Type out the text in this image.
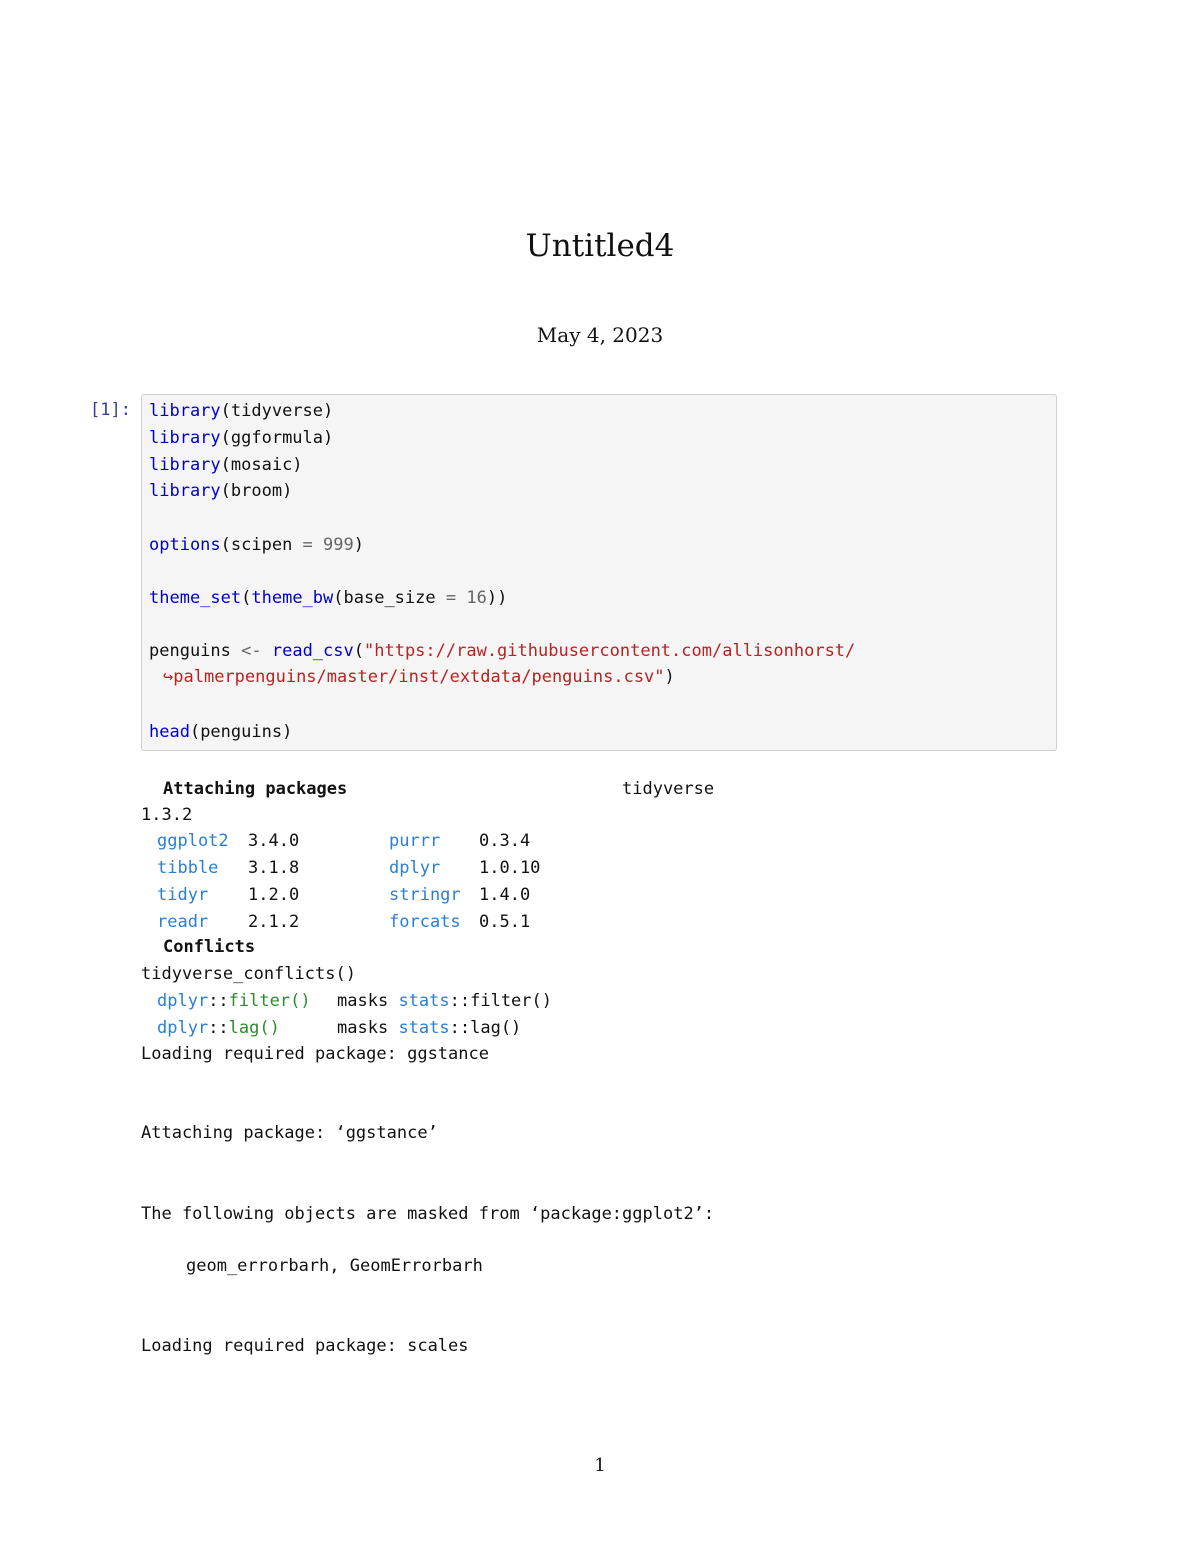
Untitled4
May 4, 2023
[1]: library(tidyverse)
library(ggformula)
library(mosaic)
library(broom)
options(scipen = 999)
theme_set(theme_bw(base_size = 16))
penguins <- read_csv("https://raw.githubusercontent.com/allisonhorst/
↪palmerpenguins/master/inst/extdata/penguins.csv")
head(penguins)
Attaching packages	tidyverse
1.3.2
ggplot2 3.4.0
tibble 3.1.8
tidyr 1.2.0
readr 2.1.2
purrr 0.3.4
dplyr 1.0.10
stringr 1.4.0
forcats 0.5.1
Conflicts
tidyverse_conflicts()
dplyr::filter() masks stats::filter()
dplyr::lag()	masks stats::lag()
Loading required package: ggstance
Attaching package: ‘ggstance’
The following objects are masked from ‘package:ggplot2’:
geom_errorbarh, GeomErrorbarh
Loading required package: scales
1
